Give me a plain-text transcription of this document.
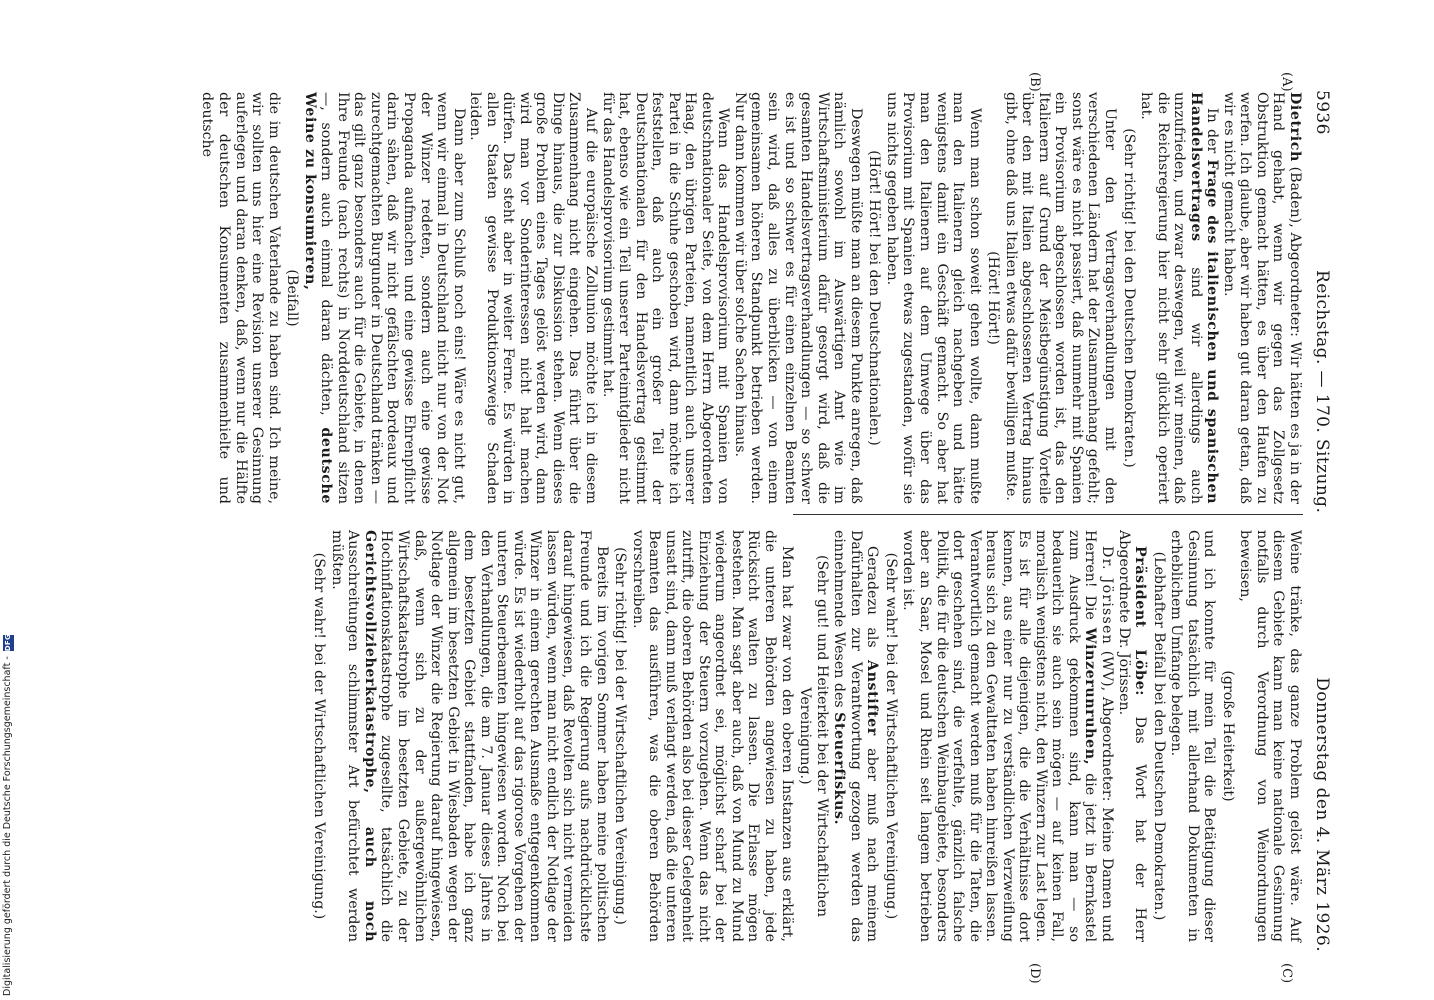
5936
Reichstag. — 170. Sitzung.
Donnerstag den 4. März 1926.
(A)
(B)
(C)
(D)

Dietrich (Baden), Abgeordneter: Wir hätten es ja in der Hand gehabt, wenn wir gegen das Zollgesetz Obstruktion gemacht hätten, es über den Haufen zu werfen. Ich glaube, aber wir haben gut daran getan, daß wir es nicht gemacht haben.

In der Frage des italienischen und spanischen Handelsvertrages sind wir allerdings auch unzufrieden, und zwar deswegen, weil wir meinen, daß die Reichsregierung hier nicht sehr glücklich operiert hat.

(Sehr richtig! bei den Deutschen Demokraten.)

Unter den Vertragsverhandlungen mit den verschiedenen Ländern hat der Zusammenhang gefehlt; sonst wäre es nicht passiert, daß nunmehr mit Spanien ein Provisorium abgeschlossen worden ist, das den Italienern auf Grund der Meistbegünstigung Vorteile über den mit Italien abgeschlossenen Vertrag hinaus gibt, ohne daß uns Italien etwas dafür bewilligen mußte.

(Hört! Hört!)

Wenn man schon soweit gehen wollte, dann mußte man den Italienern gleich nachgeben und hätte wenigstens damit ein Geschäft gemacht. So aber hat man den Italienern auf dem Umwege über das Provisorium mit Spanien etwas zugestanden, wofür sie uns nichts gegeben haben.

(Hört! Hört! bei den Deutschnationalen.)

Deswegen müßte man an diesem Punkte anregen, daß nämlich sowohl im Auswärtigen Amt wie im Wirtschaftsministerium dafür gesorgt wird, daß die gesamten Handelsvertragsverhandlungen — so schwer es ist und so schwer es für einen einzelnen Beamten sein wird, daß alles zu überblicken — von einem gemeinsamen höheren Standpunkt betrieben werden. Nur dann kommen wir über solche Sachen hinaus.

Wenn das Handelsprovisorium mit Spanien von deutschnationaler Seite, von dem Herrn Abgeordneten Haag, den übrigen Parteien, namentlich auch unserer Partei in die Schuhe geschoben wird, dann möchte ich feststellen, daß auch ein großer Teil der Deutschnationalen für den Handelsvertrag gestimmt hat, ebenso wie ein Teil unserer Parteimitglieder nicht für das Handelsprovisorium gestimmt hat.

Auf die europäische Zollunion möchte ich in diesem Zusammenhang nicht eingehen. Das führt über die Dinge hinaus, die zur Diskussion stehen. Wenn dieses große Problem eines Tages gelöst werden wird, dann wird man vor Sonderinteressen nicht halt machen dürfen. Das steht aber in weiter Ferne. Es würden in allen Staaten gewisse Produktionszweige Schaden leiden.

Dann aber zum Schluß noch eins! Wäre es nicht gut, wenn wir einmal in Deutschland nicht nur von der Not der Winzer redeten, sondern auch eine gewisse Propaganda aufmachen und eine gewisse Ehrenpflicht darin sähen, daß wir nicht gefälschten Bordeaux und zurechtgemachten Burgunder in Deutschland tränken — das gilt ganz besonders auch für die Gebiete, in denen Ihre Freunde (nach rechts) in Norddeutschland sitzen —, sondern auch einmal daran dächten, deutsche Weine zu konsumieren,

(Beifall)

die im deutschen Vaterlande zu haben sind. Ich meine, wir sollten uns hier eine Revision unserer Gesinnung auferlegen und daran denken, daß, wenn nur die Hälfte der deutschen Konsumenten zusammenhielte und deutsche

Weine tränke, das ganze Problem gelöst wäre. Auf diesem Gebiete kann man keine nationale Gesinnung notfalls durch Verordnung von Weinordnungen beweisen,

(große Heiterkeit)

und ich konnte für mein Teil die Betätigung dieser Gesinnung tatsächlich mit allerhand Dokumenten in erheblichem Umfange belegen.

(Lebhafter Beifall bei den Deutschen Demokraten.)

Präsident Löbe: Das Wort hat der Herr Abgeordnete Dr. Jörissen.

Dr. Jörissen (WV), Abgeordneter: Meine Damen und Herren! Die Winzerunruhen, die jetzt in Bernkastel zum Ausdruck gekommen sind, kann man — so bedauerlich sie auch sein mögen — auf keinen Fall, moralisch wenigstens nicht, den Winzern zur Last legen. Es ist für alle diejenigen, die die Verhältnisse dort kennen, aus einer nur zu verständlichen Verzweiflung heraus sich zu den Gewalttaten haben hinreißen lassen. Verantwortlich gemacht werden muß für die Taten, die dort geschehen sind, die verfehlte, gänzlich falsche Politik, die für die deutschen Weinbaugebiete, besonders aber an Saar, Mosel und Rhein seit langem betrieben worden ist.

(Sehr wahr! bei der Wirtschaftlichen Vereinigung.)

Geradezu als Anstifter aber muß nach meinem Dafürhalten zur Verantwortung gezogen werden das einnehmende Wesen des Steuerfiskus.

(Sehr gut! und Heiterkeit bei der Wirtschaftlichen Vereinigung.)

Man hat zwar von den oberen Instanzen aus erklärt, die unteren Behörden angewiesen zu haben, jede Rücksicht walten zu lassen. Die Erlasse mögen bestehen. Man sagt aber auch, daß von Mund zu Mund wiederum angeordnet sei, möglichst scharf bei der Einziehung der Steuern vorzugehen. Wenn das nicht zutrifft, die oberen Behörden also bei dieser Gelegenheit unsatt sind, dann muß verlangt werden, daß die unteren Beamten das ausführen, was die oberen Behörden vorschreiben.

(Sehr richtig! bei der Wirtschaftlichen Vereinigung.)

Bereits im vorigen Sommer haben meine politischen Freunde und ich die Regierung aufs nachdrücklichste darauf hingewiesen, daß Revolten sich nicht vermeiden lassen würden, wenn man nicht endlich der Notlage der Winzer in einem gerechten Ausmaße entgegenkommen würde. Es ist wiederholt auf das rigorose Vorgehen der unteren Steuerbeamten hingewiesen worden. Noch bei den Verhandlungen, die am 7. Januar dieses Jahres in dem besetzten Gebiet stattfanden, habe ich ganz allgemein im besetzten Gebiet in Wiesbaden wegen der Notlage der Winzer die Regierung darauf hingewiesen, daß, wenn sich zu der außergewöhnlichen Wirtschaftskatastrophe im besetzten Gebiete, zu der Hochinflationskatastrophe zugesellte, tatsächlich die Gerichtsvollzieherkatastrophe, auch noch Ausschreitungen schlimmster Art befürchtet werden müßten.

(Sehr wahr! bei der Wirtschaftlichen Vereinigung.)

Digitalisierung gefördert durch die Deutsche Forschungsgemeinschaft -
DFG
